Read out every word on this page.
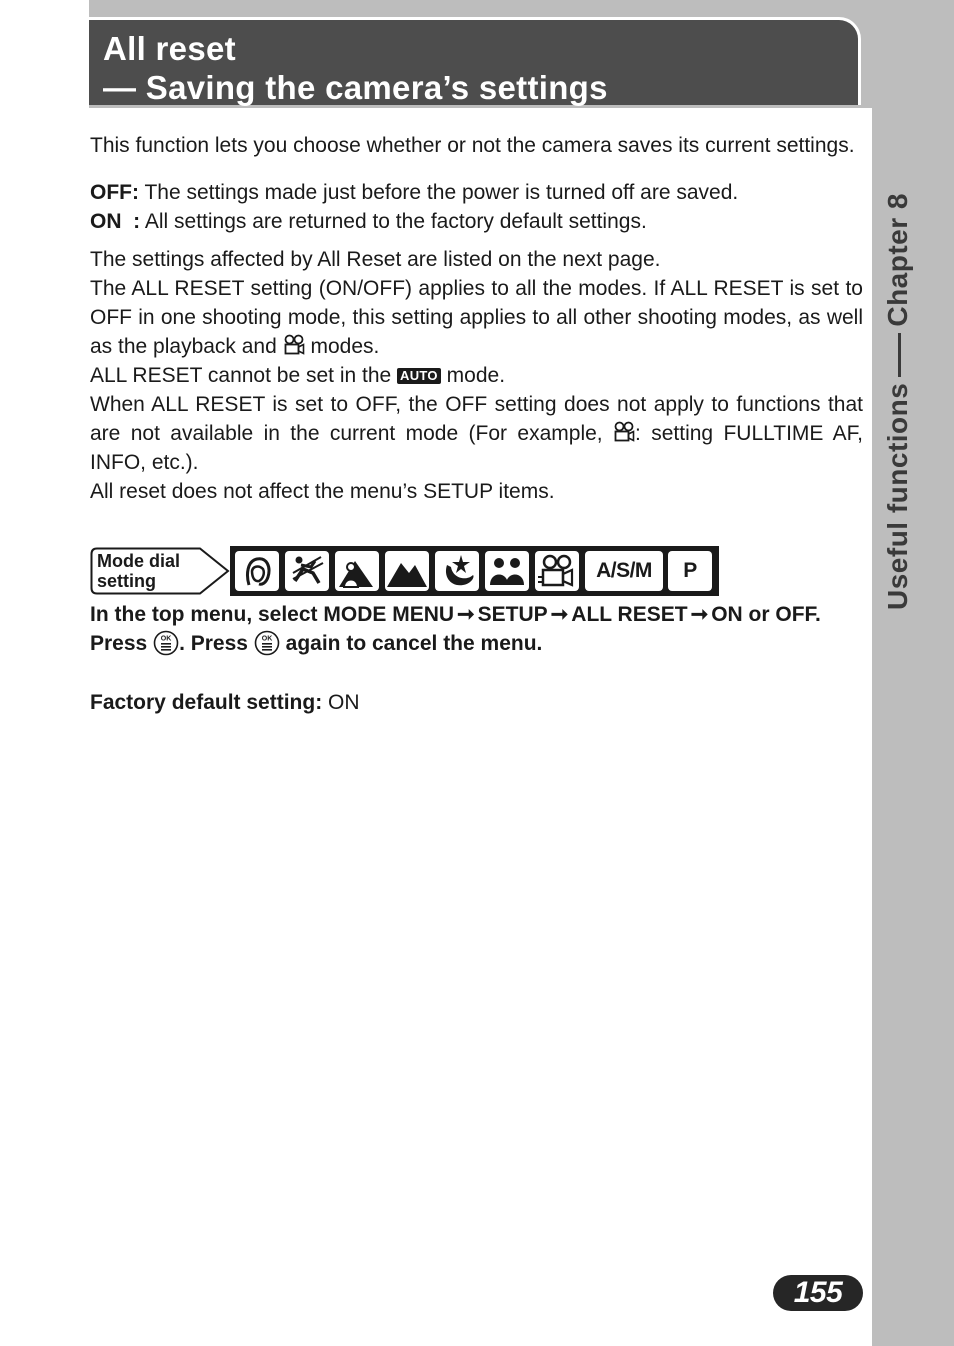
All reset
— Saving the camera’s settings
Useful functionsChapter 8

This function lets you choose whether or not the camera saves its current settings.

OFF: The settings made just before the power is turned off are saved.

ON  : All settings are returned to the factory default settings.

The settings affected by All Reset are listed on the next page.

The ALL RESET setting (ON/OFF) applies to all the modes. If ALL RESET is set to OFF in one shooting mode, this setting applies to all other shooting modes, as well as the playback and  modes.

ALL RESET cannot be set in the AUTO mode.

When ALL RESET is set to OFF, the OFF setting does not apply to functions that are not available in the current mode (For example, : setting FULLTIME AF, INFO, etc.).

All reset does not affect the menu’s SETUP items.

Mode dial
setting	A/S/M	P
In the top menu, select MODE MENU ➞ SETUP ➞ ALL RESET ➞ ON or OFF. Press OK . Press OK again to cancel the menu.
Factory default setting: ON
155
